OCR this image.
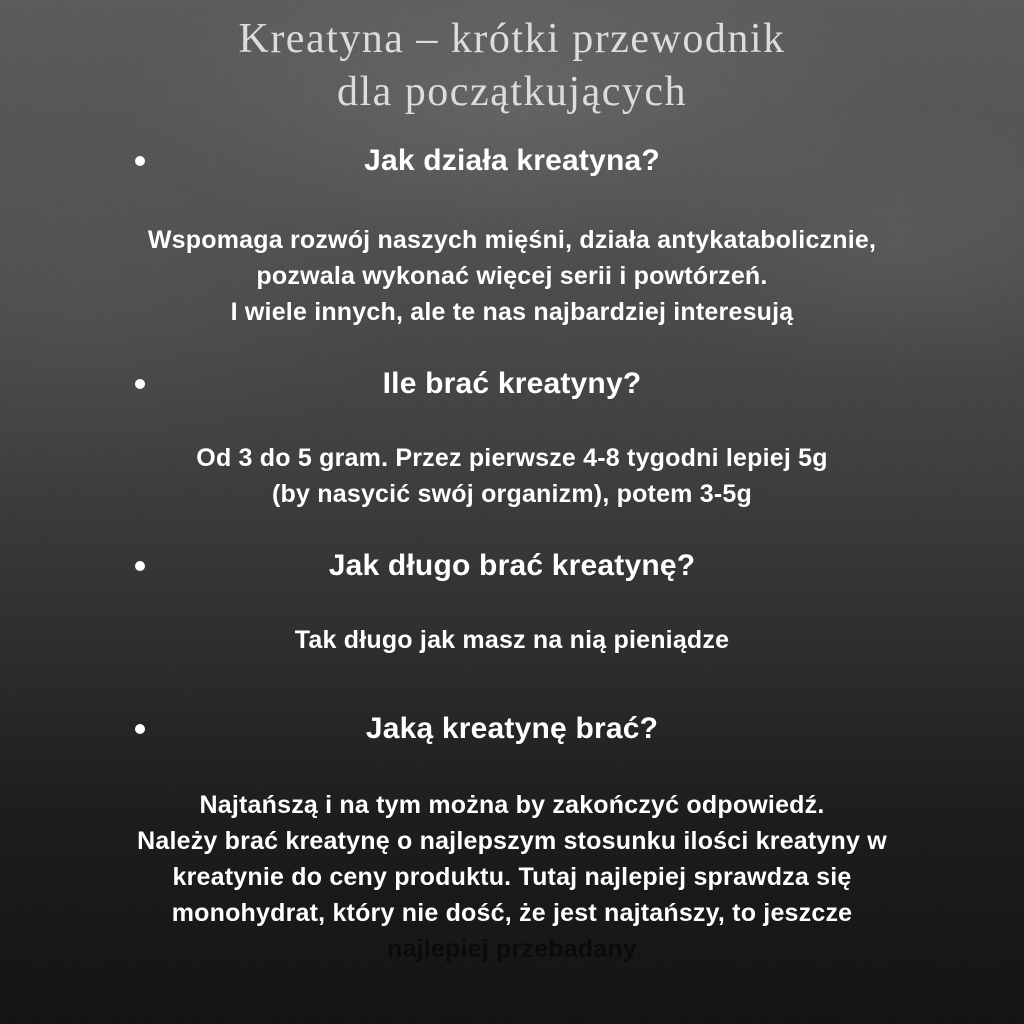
Kreatyna – krótki przewodnik
dla początkujących
Jak działa kreatyna?
Wspomaga rozwój naszych mięśni, działa antykatabolicznie,
pozwala wykonać więcej serii i powtórzeń.
I wiele innych, ale te nas najbardziej interesują
Ile brać kreatyny?
Od 3 do 5 gram. Przez pierwsze 4-8 tygodni lepiej 5g
(by nasycić swój organizm), potem 3-5g
Jak długo brać kreatynę?
Tak długo jak masz na nią pieniądze
Jaką kreatynę brać?
Najtańszą i na tym można by zakończyć odpowiedź.
Należy brać kreatynę o najlepszym stosunku ilości kreatyny w
kreatynie do ceny produktu. Tutaj najlepiej sprawdza się
monohydrat, który nie dość, że jest najtańszy, to jeszcze
najlepiej przebadany
